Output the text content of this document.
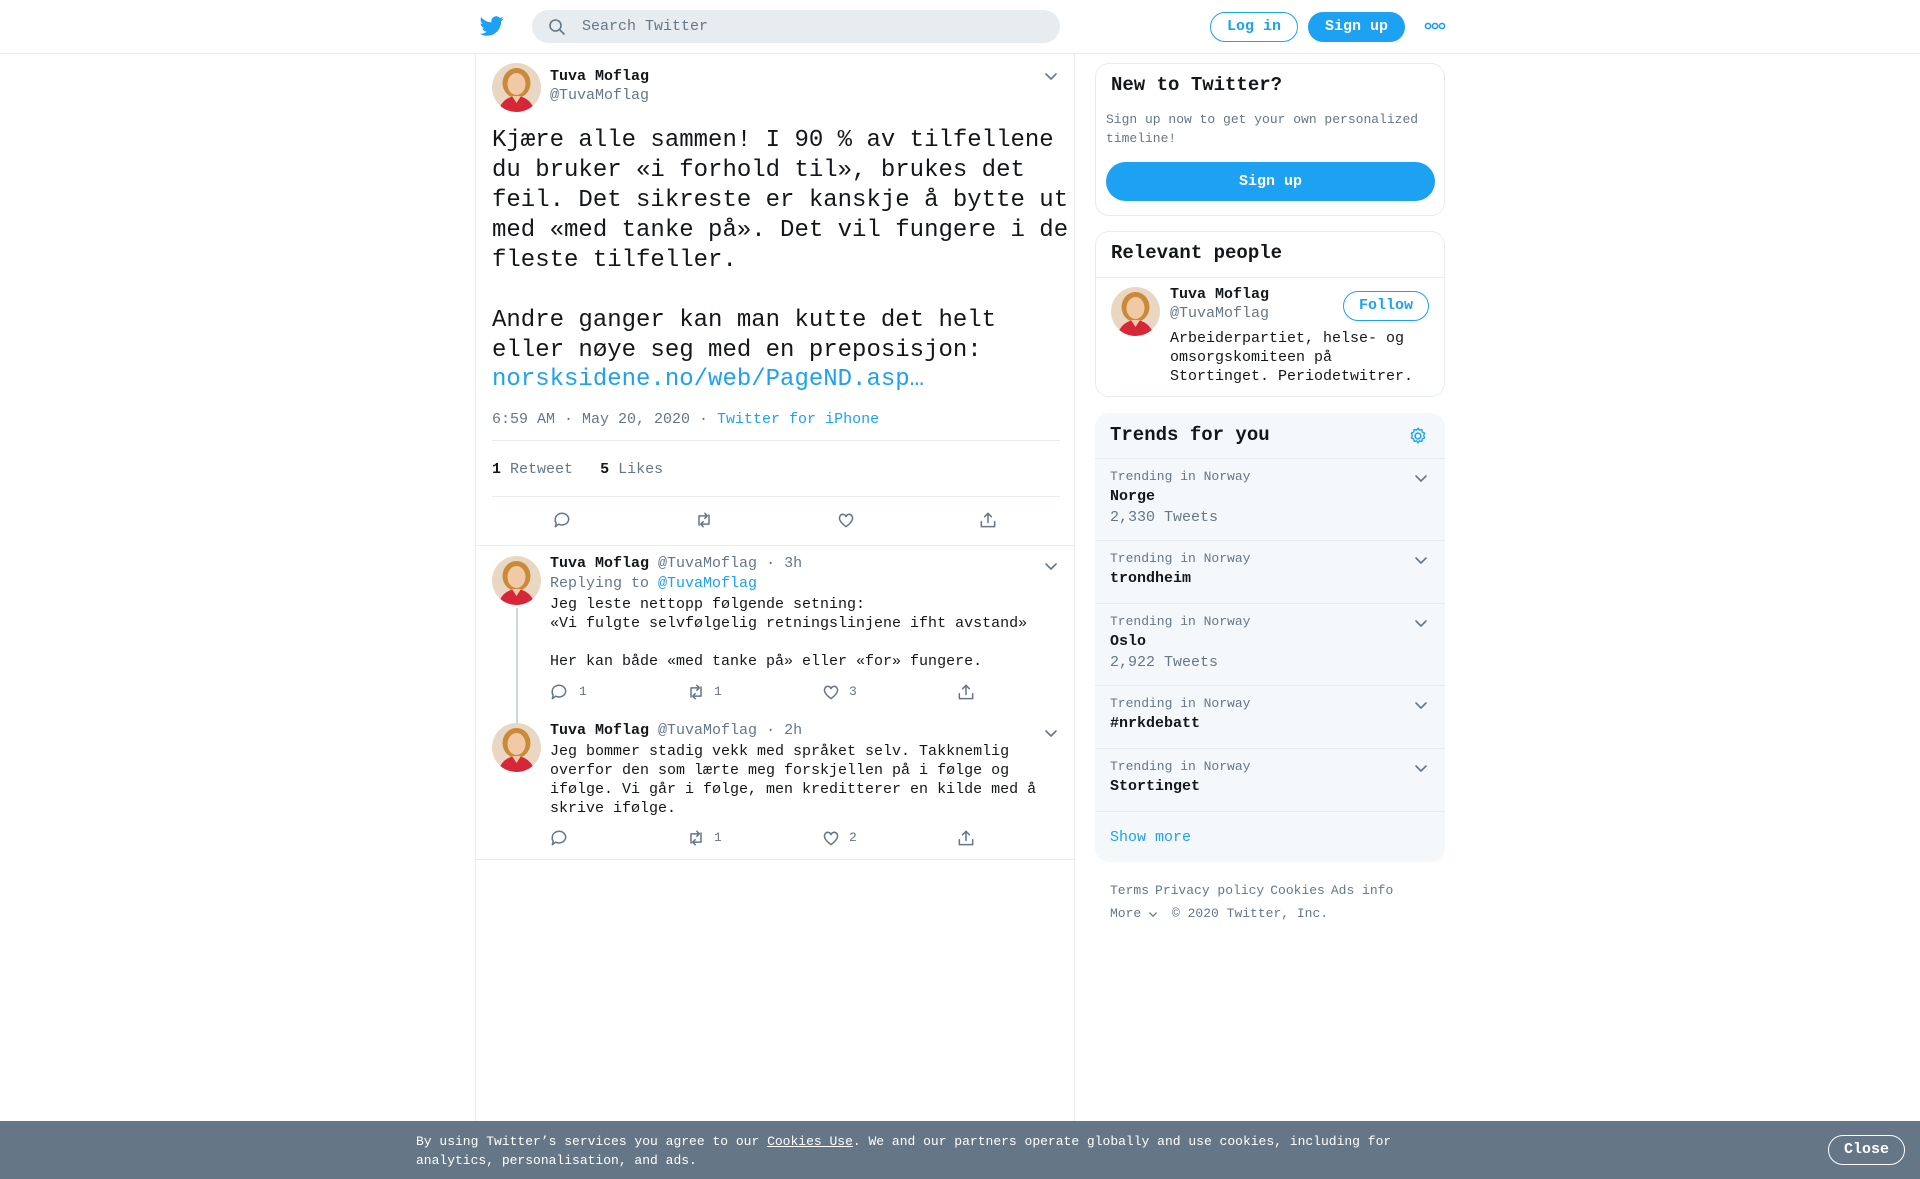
Search Twitter
Log in	Sign up
Tuva Moflag
@TuvaMoflag
Kjære alle sammen! I 90 % av tilfellene du bruker «i forhold til», brukes det feil. Det sikreste er kanskje å bytte ut med «med tanke på». Det vil fungere i de fleste tilfeller.

Andre ganger kan man kutte det helt eller nøye seg med en preposisjon:
norsksidene.no/web/PageND.asp…
6:59 AM · May 20, 2020 · Twitter for iPhone
1 Retweet 5 Likes
Tuva Moflag @TuvaMoflag · 3h
Replying to @TuvaMoflag
Jeg leste nettopp følgende setning:
«Vi fulgte selvfølgelig retningslinjene ifht avstand»

Her kan både «med tanke på» eller «for» fungere.
1	1	3
Tuva Moflag @TuvaMoflag · 2h
Jeg bommer stadig vekk med språket selv. Takknemlig overfor den som lærte meg forskjellen på i følge og ifølge. Vi går i følge, men kreditterer en kilde med å skrive ifølge.
1	2
New to Twitter?
Sign up now to get your own personalized timeline!
Sign up
Relevant people
Tuva Moflag
@TuvaMoflag	Follow
Arbeiderpartiet, helse- og omsorgskomiteen på Stortinget. Periodetwitrer.
Trends for you
Trending in Norway
Norge
2,330 Tweets
Trending in Norway
trondheim
Trending in Norway
Oslo
2,922 Tweets
Trending in Norway
#nrkdebatt
Trending in Norway
Stortinget
Show more
Terms Privacy policy Cookies Ads info
More © 2020 Twitter, Inc.
By using Twitter’s services you agree to our Cookies Use. We and our partners operate globally and use cookies, including for analytics, personalisation, and ads.
Close
